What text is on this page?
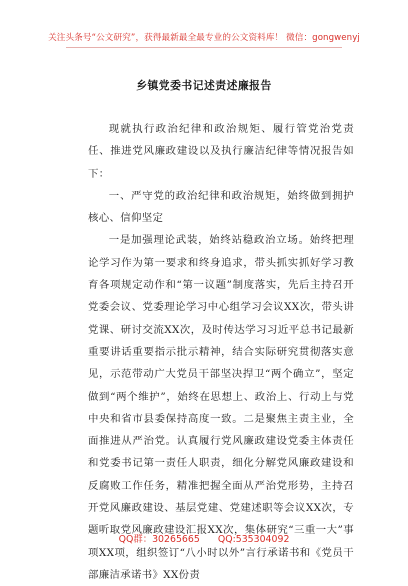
关注头条号“公文研究”，获得最新最全最专业的公文资料库！ 微信：gongwenyj
乡镇党委书记述责述廉报告

现就执行政治纪律和政治规矩、履行管党治党责任、推进党风廉政建设以及执行廉洁纪律等情况报告如下：

一、严守党的政治纪律和政治规矩，始终做到拥护核心、信仰坚定

一是加强理论武装，始终站稳政治立场。始终把理论学习作为第一要求和终身追求，带头抓实抓好学习教育各项规定动作和“第一议题”制度落实，先后主持召开党委会议、党委理论学习中心组学习会议XX次，带头讲党课、研讨交流XX次，及时传达学习习近平总书记最新重要讲话重要指示批示精神，结合实际研究贯彻落实意见，示范带动广大党员干部坚决捍卫“两个确立”，坚定做到“两个维护”，始终在思想上、政治上、行动上与党中央和省市县委保持高度一致。二是聚焦主责主业，全面推进从严治党。认真履行党风廉政建设党委主体责任和党委书记第一责任人职责，细化分解党风廉政建设和反腐败工作任务，精准把握全面从严治党形势，主持召开党风廉政建设、基层党建、党建述职等会议XX次，专题听取党风廉政建设汇报XX次，集体研究“三重一大”事项XX项，组织签订“八小时以外”言行承诺书和《党员干部廉洁承诺书》XX份责

QQ群：30265665 QQ:535304092
